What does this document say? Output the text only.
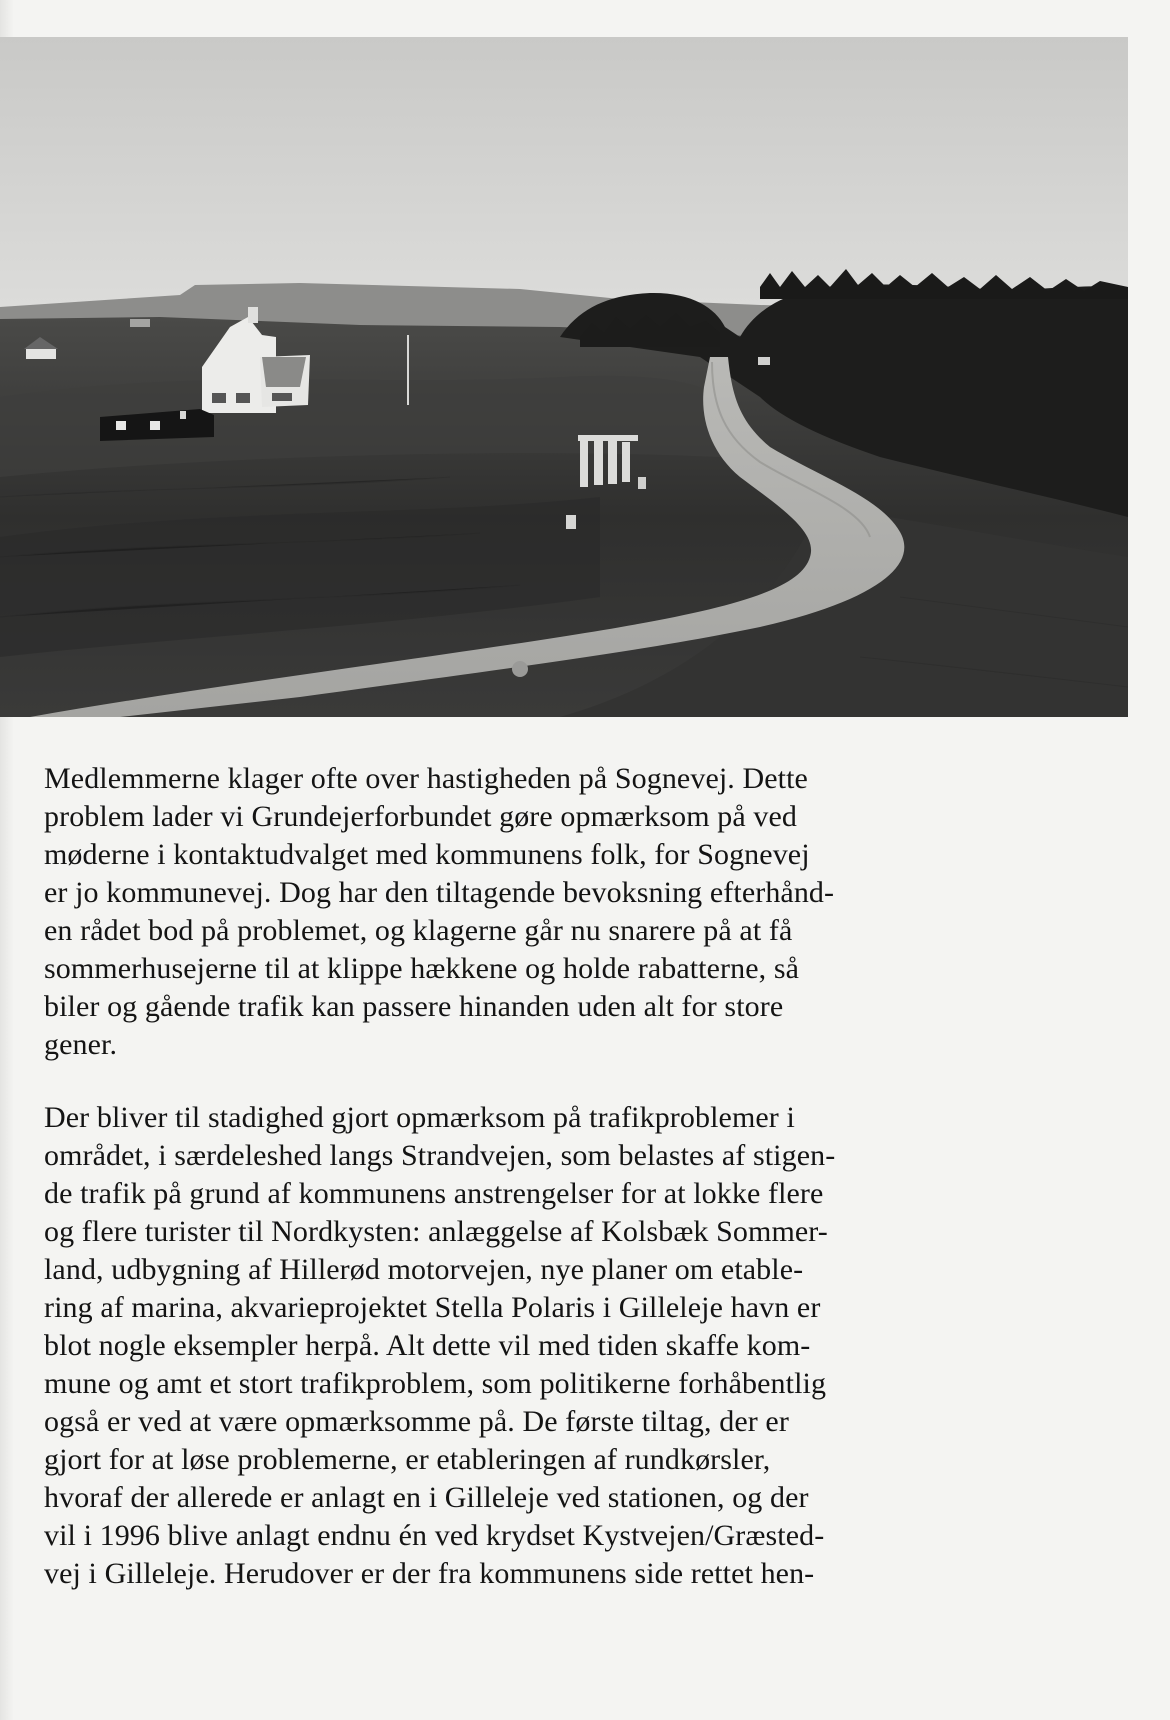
Medlemmerne klager ofte over hastigheden på Sognevej. Dette
problem lader vi Grundejerforbundet gøre opmærksom på ved
møderne i kontaktudvalget med kommunens folk, for Sognevej
er jo kommunevej. Dog har den tiltagende bevoksning efterhånd-
en rådet bod på problemet, og klagerne går nu snarere på at få
sommerhusejerne til at klippe hækkene og holde rabatterne, så
biler og gående trafik kan passere hinanden uden alt for store
gener.
Der bliver til stadighed gjort opmærksom på trafikproblemer i
området, i særdeleshed langs Strandvejen, som belastes af stigen-
de trafik på grund af kommunens anstrengelser for at lokke flere
og flere turister til Nordkysten: anlæggelse af Kolsbæk Sommer-
land, udbygning af Hillerød motorvejen, nye planer om etable-
ring af marina, akvarieprojektet Stella Polaris i Gilleleje havn er
blot nogle eksempler herpå. Alt dette vil med tiden skaffe kom-
mune og amt et stort trafikproblem, som politikerne forhåbentlig
også er ved at være opmærksomme på. De første tiltag, der er
gjort for at løse problemerne, er etableringen af rundkørsler,
hvoraf der allerede er anlagt en i Gilleleje ved stationen, og der
vil i 1996 blive anlagt endnu én ved krydset Kystvejen/Græsted-
vej i Gilleleje. Herudover er der fra kommunens side rettet hen-
